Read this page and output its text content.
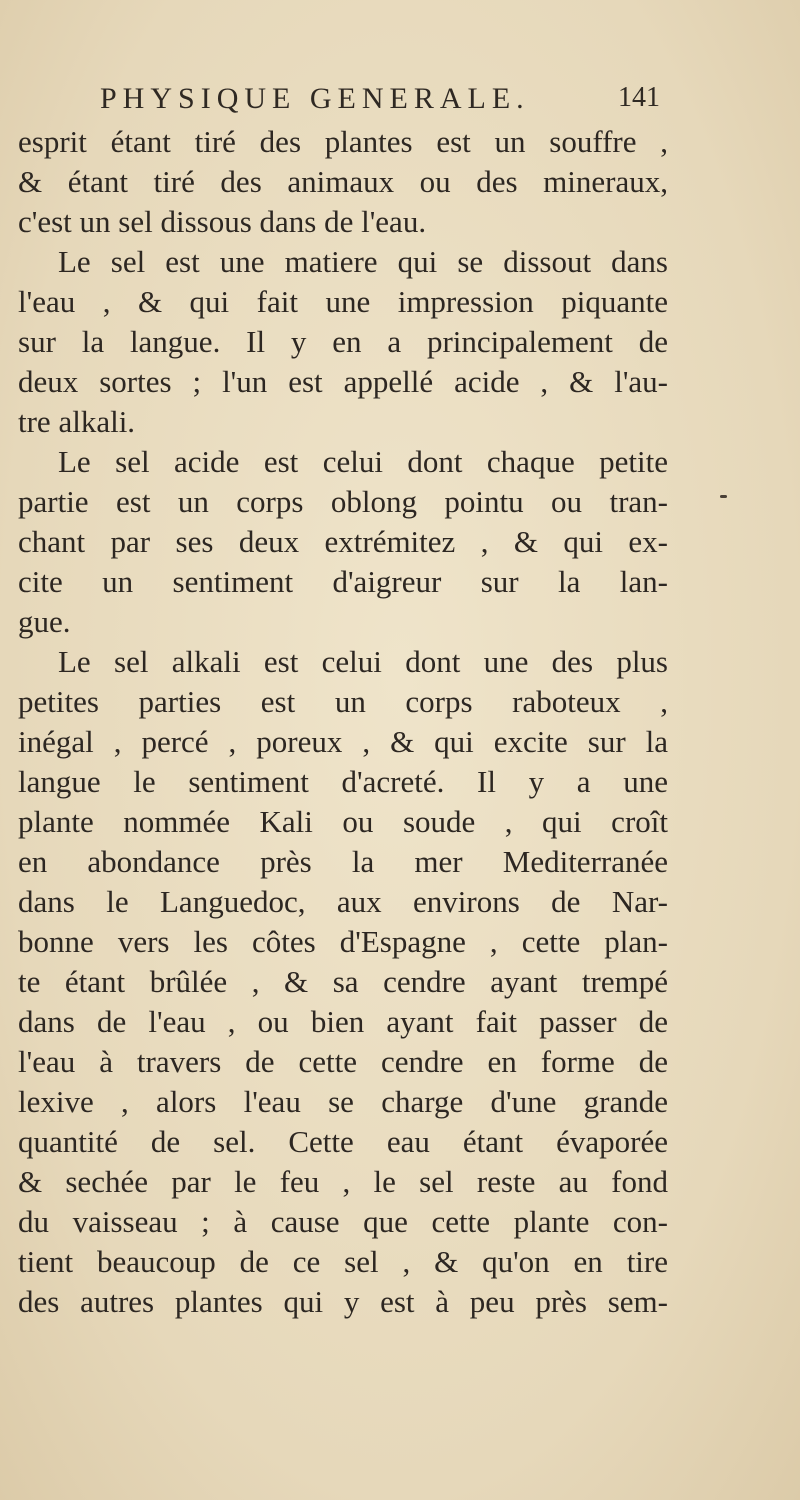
PHYSIQUE GENERALE.	141
esprit étant tiré des plantes est un souffre ,
& étant tiré des animaux ou des mineraux,
c'est un sel dissous dans de l'eau.
Le sel est une matiere qui se dissout dans
l'eau , & qui fait une impression piquante
sur la langue. Il y en a principalement de
deux sortes ; l'un est appellé acide , & l'au-
tre alkali.
Le sel acide est celui dont chaque petite
partie est un corps oblong pointu ou tran-
chant par ses deux extrémitez , & qui ex-
cite un sentiment d'aigreur sur la lan-
gue.
Le sel alkali est celui dont une des plus
petites parties est un corps raboteux ,
inégal , percé , poreux , & qui excite sur la
langue le sentiment d'acreté. Il y a une
plante nommée Kali ou soude , qui croît
en abondance près la mer Mediterranée
dans le Languedoc, aux environs de Nar-
bonne vers les côtes d'Espagne , cette plan-
te étant brûlée , & sa cendre ayant trempé
dans de l'eau , ou bien ayant fait passer de
l'eau à travers de cette cendre en forme de
lexive , alors l'eau se charge d'une grande
quantité de sel. Cette eau étant évaporée
& sechée par le feu , le sel reste au fond
du vaisseau ; à cause que cette plante con-
tient beaucoup de ce sel , & qu'on en tire
des autres plantes qui y est à peu près sem-
